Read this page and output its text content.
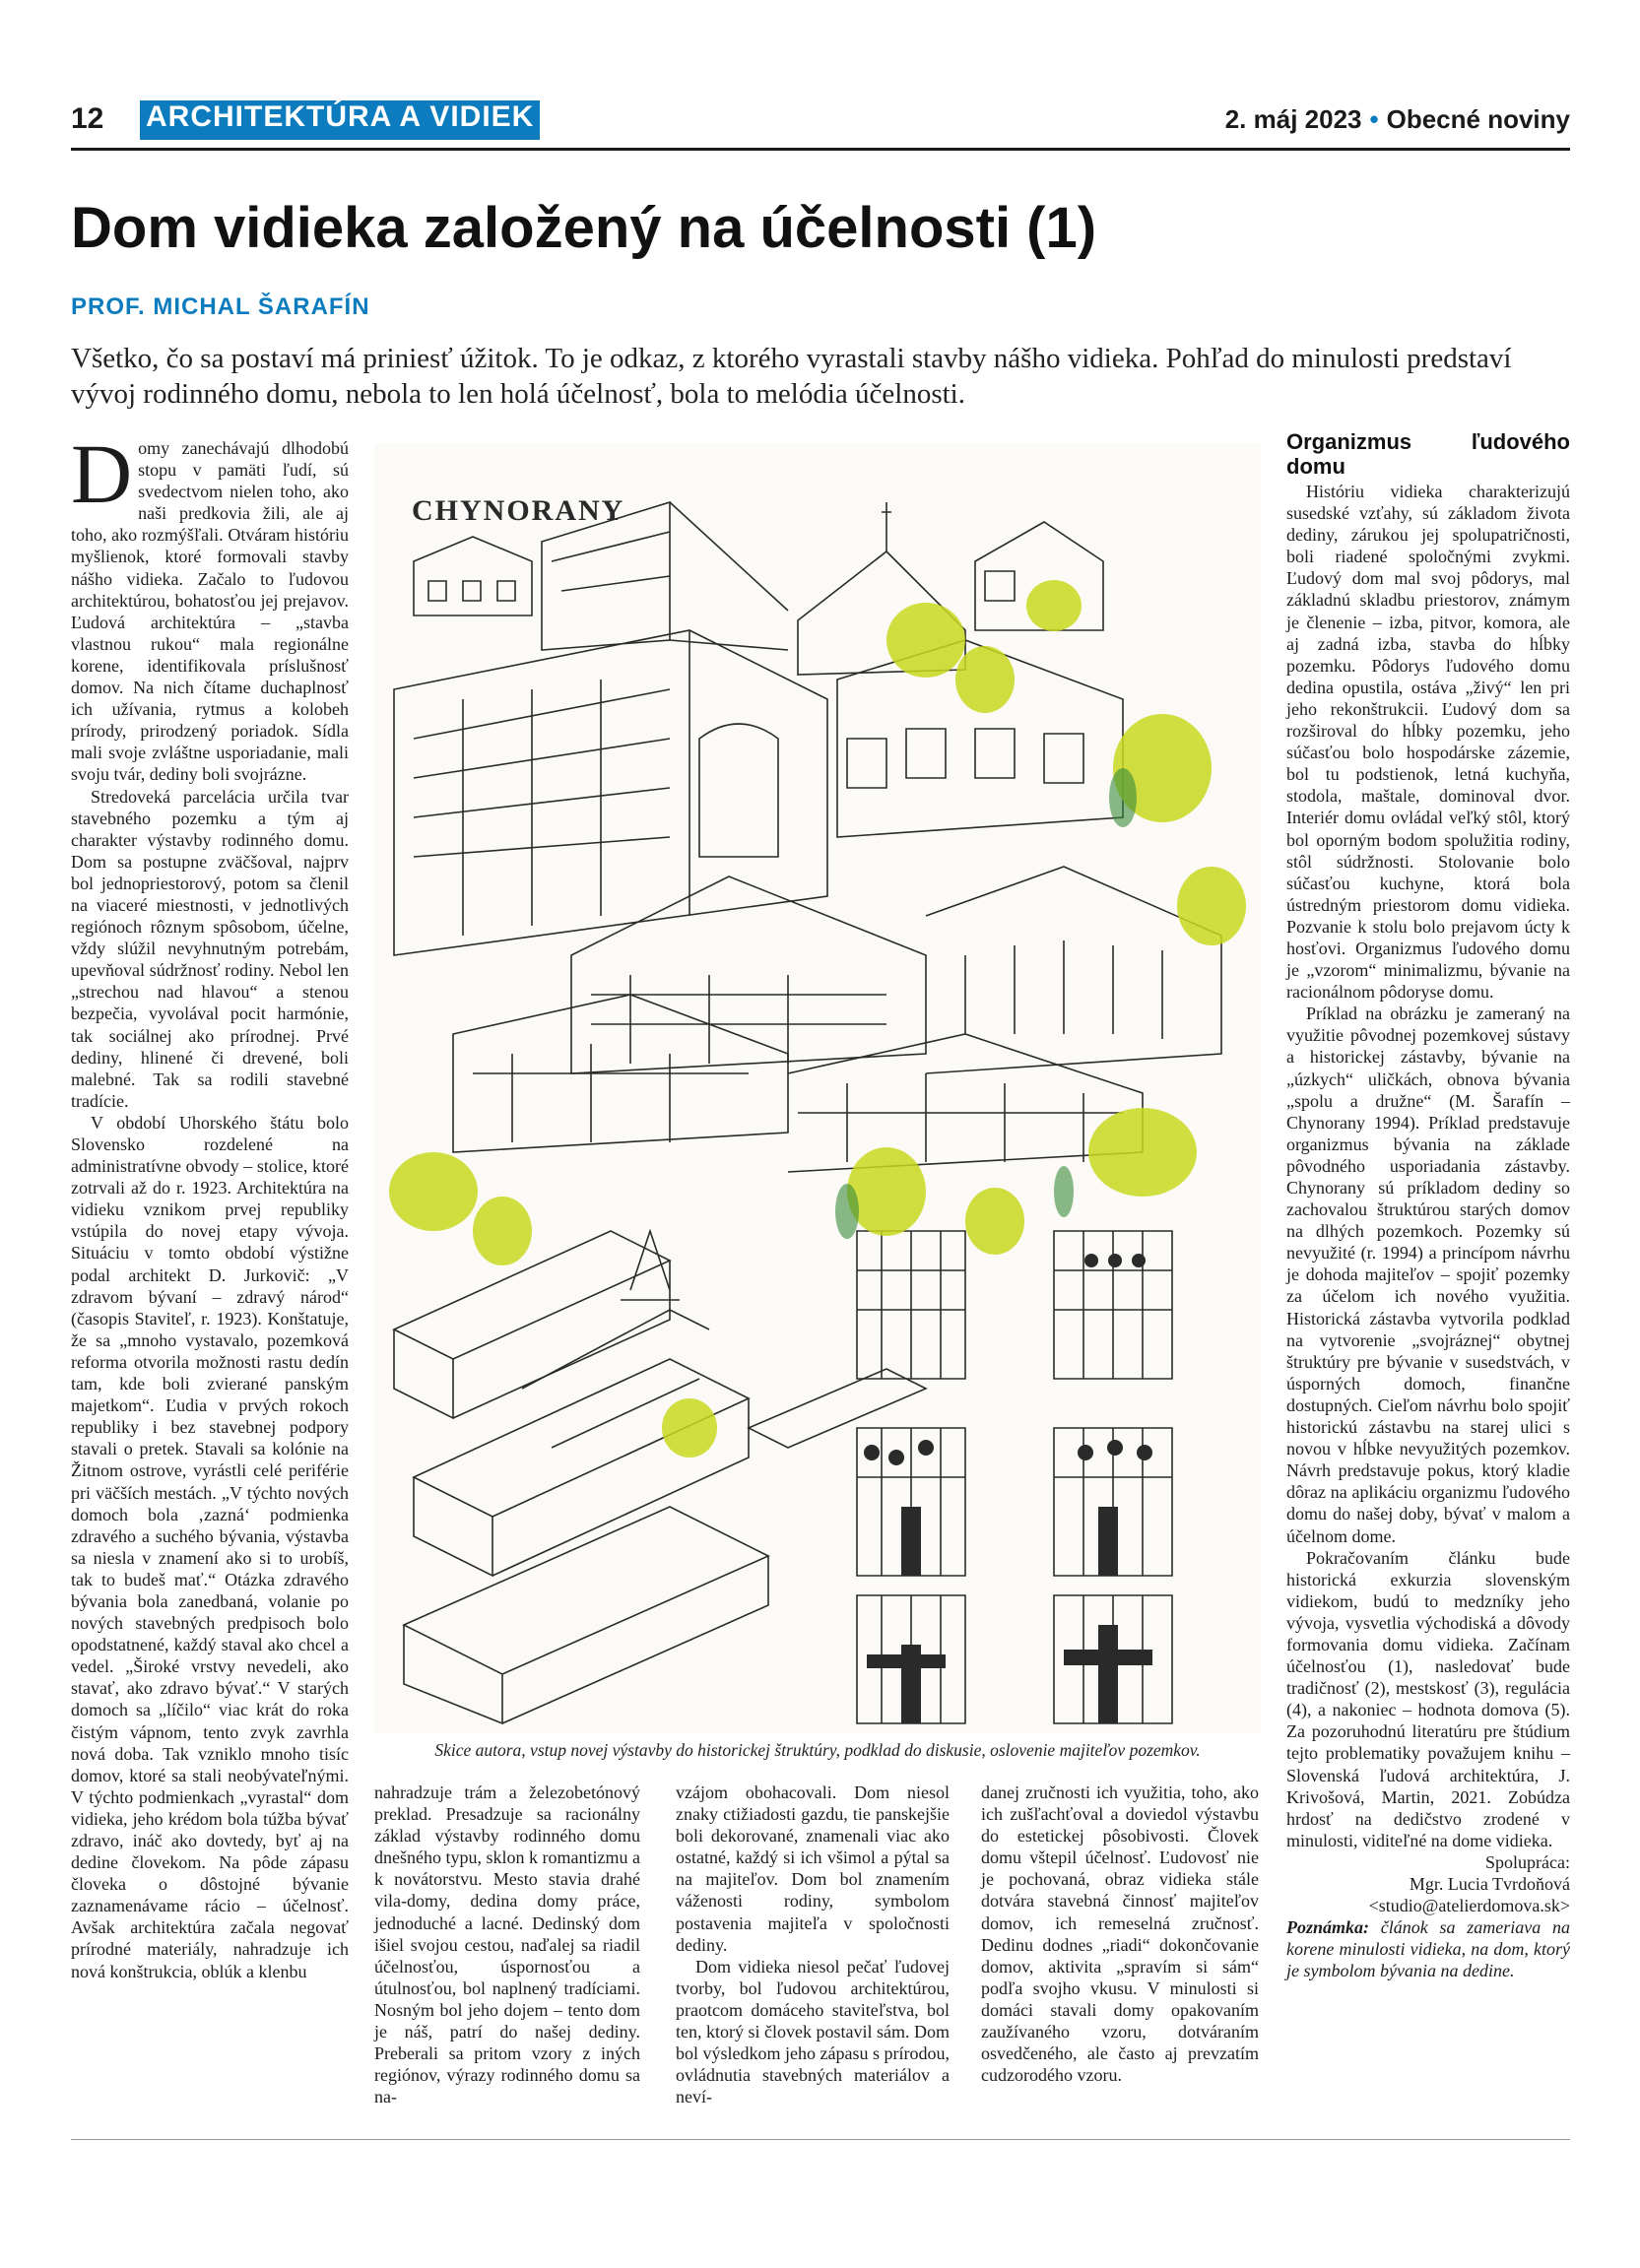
12 ARCHITEKTÚRA A VIDIEK	2. máj 2023 • Obecné noviny
Dom vidieka založený na účelnosti (1)
PROF. MICHAL ŠARAFÍN
Všetko, čo sa postaví má priniesť úžitok. To je odkaz, z ktorého vyrastali stavby nášho vidieka. Pohľad do minulosti predstaví vývoj rodinného domu, nebola to len holá účelnosť, bola to melódia účelnosti.

Domy zanechávajú dlhodobú stopu v pamäti ľudí, sú svedectvom nielen toho, ako naši predkovia žili, ale aj toho, ako rozmýšľali. Otváram históriu myšlienok, ktoré formovali stavby nášho vidieka. Začalo to ľudovou architektúrou, bohatosťou jej prejavov. Ľudová architektúra – „stavba vlastnou rukou“ mala regionálne korene, identifikovala príslušnosť domov. Na nich čítame duchaplnosť ich užívania, rytmus a kolobeh prírody, prirodzený poriadok. Sídla mali svoje zvláštne usporiadanie, mali svoju tvár, dediny boli svojrázne.

Stredoveká parcelácia určila tvar stavebného pozemku a tým aj charakter výstavby rodinného domu. Dom sa postupne zväčšoval, najprv bol jednopriestorový, potom sa členil na viaceré miestnosti, v jednotlivých regiónoch rôznym spôsobom, účelne, vždy slúžil nevyhnutným potrebám, upevňoval súdržnosť rodiny. Nebol len „strechou nad hlavou“ a stenou bezpečia, vyvolával pocit harmónie, tak sociálnej ako prírodnej. Prvé dediny, hlinené či drevené, boli malebné. Tak sa rodili stavebné tradície.

V období Uhorského štátu bolo Slovensko rozdelené na administratívne obvody – stolice, ktoré zotrvali až do r. 1923. Architektúra na vidieku vznikom prvej republiky vstúpila do novej etapy vývoja. Situáciu v tomto období výstižne podal architekt D. Jurkovič: „V zdravom bývaní – zdravý národ“ (časopis Staviteľ, r. 1923). Konštatuje, že sa „mnoho vystavalo, pozemková reforma otvorila možnosti rastu dedín tam, kde boli zvierané panským majetkom“. Ľudia v prvých rokoch republiky i bez stavebnej podpory stavali o pretek. Stavali sa kolónie na Žitnom ostrove, vyrástli celé periférie pri väčších mestách. „V týchto nových domoch bola ‚zazná‘ podmienka zdravého a suchého bývania, výstavba sa niesla v znamení ako si to urobíš, tak to budeš mať.“ Otázka zdravého bývania bola zanedbaná, volanie po nových stavebných predpisoch bolo opodstatnené, každý staval ako chcel a vedel. „Široké vrstvy nevedeli, ako stavať, ako zdravo bývať.“ V starých domoch sa „líčilo“ viac krát do roka čistým vápnom, tento zvyk zavrhla nová doba. Tak vzniklo mnoho tisíc domov, ktoré sa stali neobývateľnými. V týchto podmienkach „vyrastal“ dom vidieka, jeho krédom bola túžba bývať zdravo, ináč ako dovtedy, byť aj na dedine človekom. Na pôde zápasu človeka o dôstojné bývanie zaznamenávame rácio – účelnosť. Avšak architektúra začala negovať prírodné materiály, nahradzuje ich nová konštrukcia, oblúk a klenbu

CHYNORANY
Skice autora, vstup novej výstavby do historickej štruktúry, podklad do diskusie, oslovenie majiteľov pozemkov.

nahradzuje trám a železobetónový preklad. Presadzuje sa racionálny základ výstavby rodinného domu dnešného typu, sklon k romantizmu a k novátorstvu. Mesto stavia drahé vila-domy, dedina domy práce, jednoduché a lacné. Dedinský dom išiel svojou cestou, naďalej sa riadil účelnosťou, úspornosťou a útulnosťou, bol naplnený tradíciami. Nosným bol jeho dojem – tento dom je náš, patrí do našej dediny. Preberali sa pritom vzory z iných regiónov, výrazy rodinného domu sa na-

vzájom obohacovali. Dom niesol znaky ctižiadosti gazdu, tie panskejšie boli dekorované, znamenali viac ako ostatné, každý si ich všimol a pýtal sa na majiteľov. Dom bol znamením váženosti rodiny, symbolom postavenia majiteľa v spoločnosti dediny.

Dom vidieka niesol pečať ľudovej tvorby, bol ľudovou architektúrou, praotcom domáceho staviteľstva, bol ten, ktorý si človek postavil sám. Dom bol výsledkom jeho zápasu s prírodou, ovládnutia stavebných materiálov a neví-

danej zručnosti ich využitia, toho, ako ich zušľachťoval a doviedol výstavbu do estetickej pôsobivosti. Človek domu vštepil účelnosť. Ľudovosť nie je pochovaná, obraz vidieka stále dotvára stavebná činnosť majiteľov domov, ich remeselná zručnosť. Dedinu dodnes „riadi“ dokončovanie domov, aktivita „spravím si sám“ podľa svojho vkusu. V minulosti si domáci stavali domy opakovaním zaužívaného vzoru, dotváraním osvedčeného, ale často aj prevzatím cudzorodého vzoru.

Organizmus ľudového domu

Históriu vidieka charakterizujú susedské vzťahy, sú základom života dediny, zárukou jej spolupatričnosti, boli riadené spoločnými zvykmi. Ľudový dom mal svoj pôdorys, mal základnú skladbu priestorov, známym je členenie – izba, pitvor, komora, ale aj zadná izba, stavba do hĺbky pozemku. Pôdorys ľudového domu dedina opustila, ostáva „živý“ len pri jeho rekonštrukcii. Ľudový dom sa rozširoval do hĺbky pozemku, jeho súčasťou bolo hospodárske zázemie, bol tu podstienok, letná kuchyňa, stodola, maštale, dominoval dvor. Interiér domu ovládal veľký stôl, ktorý bol oporným bodom spolužitia rodiny, stôl súdržnosti. Stolovanie bolo súčasťou kuchyne, ktorá bola ústredným priestorom domu vidieka. Pozvanie k stolu bolo prejavom úcty k hosťovi. Organizmus ľudového domu je „vzorom“ minimalizmu, bývanie na racionálnom pôdoryse domu.

Príklad na obrázku je zameraný na využitie pôvodnej pozemkovej sústavy a historickej zástavby, bývanie na „úzkych“ uličkách, obnova bývania „spolu a družne“ (M. Šarafín – Chynorany 1994). Príklad predstavuje organizmus bývania na základe pôvodného usporiadania zástavby. Chynorany sú príkladom dediny so zachovalou štruktúrou starých domov na dlhých pozemkoch. Pozemky sú nevyužité (r. 1994) a princípom návrhu je dohoda majiteľov – spojiť pozemky za účelom ich nového využitia. Historická zástavba vytvorila podklad na vytvorenie „svojráznej“ obytnej štruktúry pre bývanie v susedstvách, v úsporných domoch, finančne dostupných. Cieľom návrhu bolo spojiť historickú zástavbu na starej ulici s novou v hĺbke nevyužitých pozemkov. Návrh predstavuje pokus, ktorý kladie dôraz na aplikáciu organizmu ľudového domu do našej doby, bývať v malom a účelnom dome.

Pokračovaním článku bude historická exkurzia slovenským vidiekom, budú to medzníky jeho vývoja, vysvetlia východiská a dôvody formovania domu vidieka. Začínam účelnosťou (1), nasledovať bude tradičnosť (2), mestskosť (3), regulácia (4), a nakoniec – hodnota domova (5). Za pozoruhodnú literatúru pre štúdium tejto problematiky považujem knihu – Slovenská ľudová architektúra, J. Krivošová, Martin, 2021. Zobúdza hrdosť na dedičstvo zrodené v minulosti, viditeľné na dome vidieka.

Spolupráca:

Mgr. Lucia Tvrdoňová

<studio@atelierdomova.sk>

Poznámka: článok sa zameriava na korene minulosti vidieka, na dom, ktorý je symbolom bývania na dedine.
